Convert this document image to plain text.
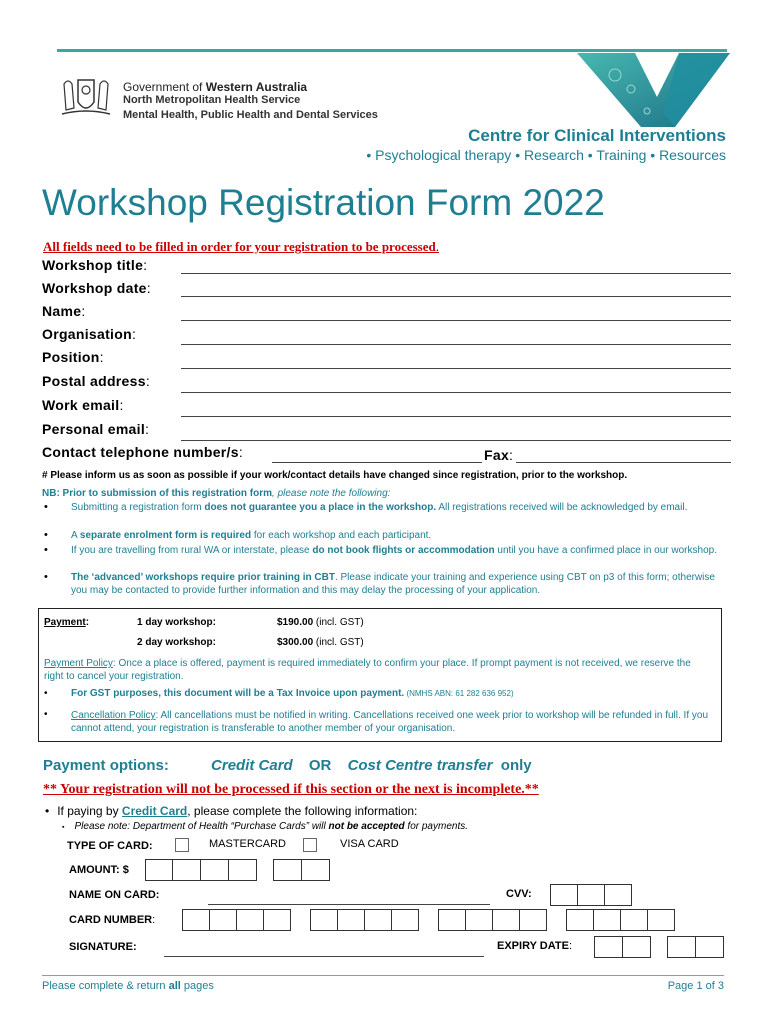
Government of Western Australia
North Metropolitan Health Service
Mental Health, Public Health and Dental Services
Centre for Clinical Interventions
• Psychological therapy • Research • Training • Resources
Workshop Registration Form 2022
All fields need to be filled in order for your registration to be processed.
Workshop title:
Workshop date:
Name:
Organisation:
Position:
Postal address:
Work email:
Personal email:
Contact telephone number/s:	Fax:
# Please inform us as soon as possible if your work/contact details have changed since registration, prior to the workshop.
NB: Prior to submission of this registration form, please note the following:
• Submitting a registration form does not guarantee you a place in the workshop. All registrations received will be acknowledged by email.
• A separate enrolment form is required for each workshop and each participant.
• If you are travelling from rural WA or interstate, please do not book flights or accommodation until you have a confirmed place in our workshop.
• The ‘advanced’ workshops require prior training in CBT. Please indicate your training and experience using CBT on p3 of this form; otherwise you may be contacted to provide further information and this may delay the processing of your application.
Payment:	1 day workshop:	$190.00 (incl. GST)
2 day workshop:	$300.00 (incl. GST)
Payment Policy: Once a place is offered, payment is required immediately to confirm your place. If prompt payment is not received, we reserve the right to cancel your registration.
• For GST purposes, this document will be a Tax Invoice upon payment. (NMHS ABN: 61 282 636 952)
• Cancellation Policy: All cancellations must be notified in writing. Cancellations received one week prior to workshop will be refunded in full. If you cannot attend, your registration is transferable to another member of your organisation.
Payment options:	Credit Card OR Cost Centre transfer only
** Your registration will not be processed if this section or the next is incomplete.**
• If paying by Credit Card, please complete the following information:
▪ Please note: Department of Health “Purchase Cards” will not be accepted for payments.
TYPE OF CARD:	MASTERCARD	VISA CARD
AMOUNT: $
NAME ON CARD:	CVV:
CARD NUMBER:
SIGNATURE:	EXPIRY DATE:
Please complete & return all pages	Page 1 of 3
